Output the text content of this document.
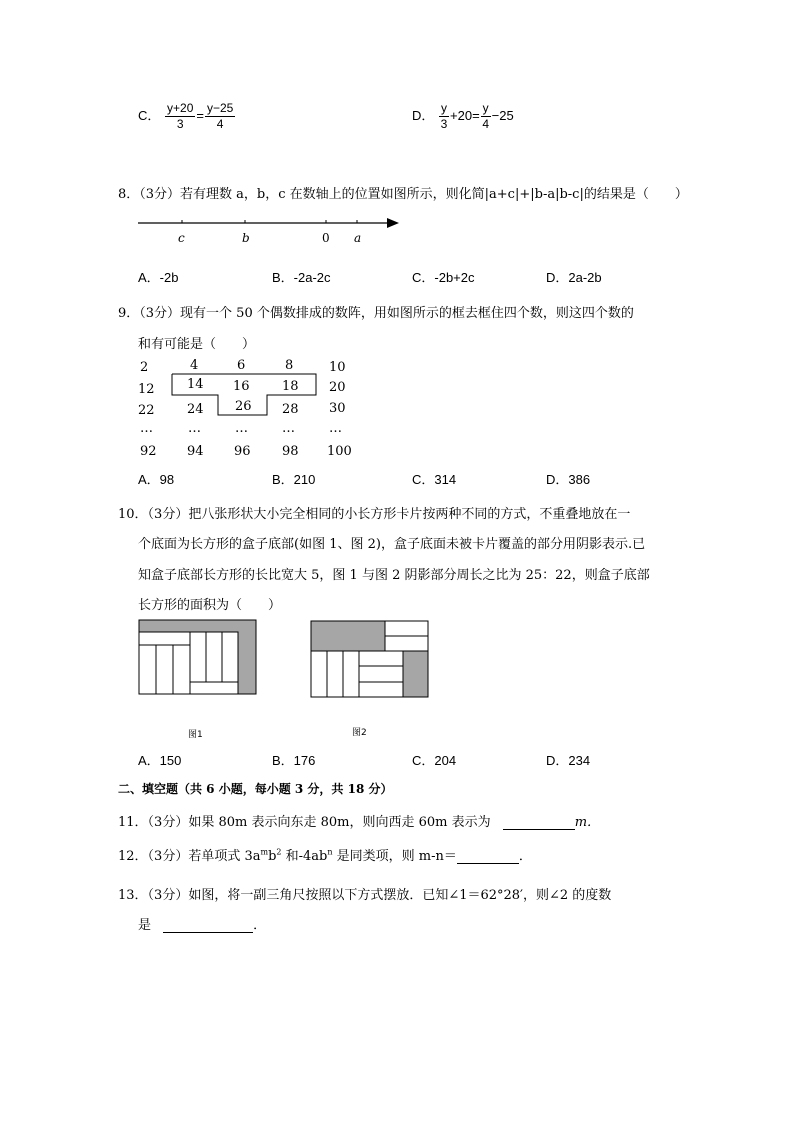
C． $\frac{y+20}{3} = \frac{y-25}{4}$	D． $\frac{y}{3} +20= \frac{y}{4} -25$
8．（3分）若有理数 a，b，c 在数轴上的位置如图所示，则化简|a+c|+|b-a|b-c|的结果是（　　）
c	b	0 a
A．-2b	B．-2a-2c	C．-2b+2c	D．2a-2b
9．（3分）现有一个 50 个偶数排成的数阵，用如图所示的框去框住四个数，则这四个数的
和有可能是（　　）
2	4	6	8	10
12 14 16 18 20
22 24 26 28 30
…	…	…	…	…
92 94 96 98 100
A．98	B．210	C．314	D．386
10．（3分）把八张形状大小完全相同的小长方形卡片按两种不同的方式，不重叠地放在一
个底面为长方形的盒子底部(如图 1、图 2)，盒子底面未被卡片覆盖的部分用阴影表示.已
知盒子底部长方形的长比宽大 5，图 1 与图 2 阴影部分周长之比为 25：22，则盒子底部
长方形的面积为（　　）
图1	图2
A．150	B．176	C．204	D．234
二、填空题（共 6 小题，每小题 3 分，共 18 分）
11．（3分）如果 80m 表示向东走 80m，则向西走 60m 表示为	m．
12．（3分）若单项式 $3a^mb^2$ 和$-4ab^n$ 是同类项，则 m-n＝	．
13．（3分）如图，将一副三角尺按照以下方式摆放．已知∠1＝62°28′，则∠2 的度数
是	．
